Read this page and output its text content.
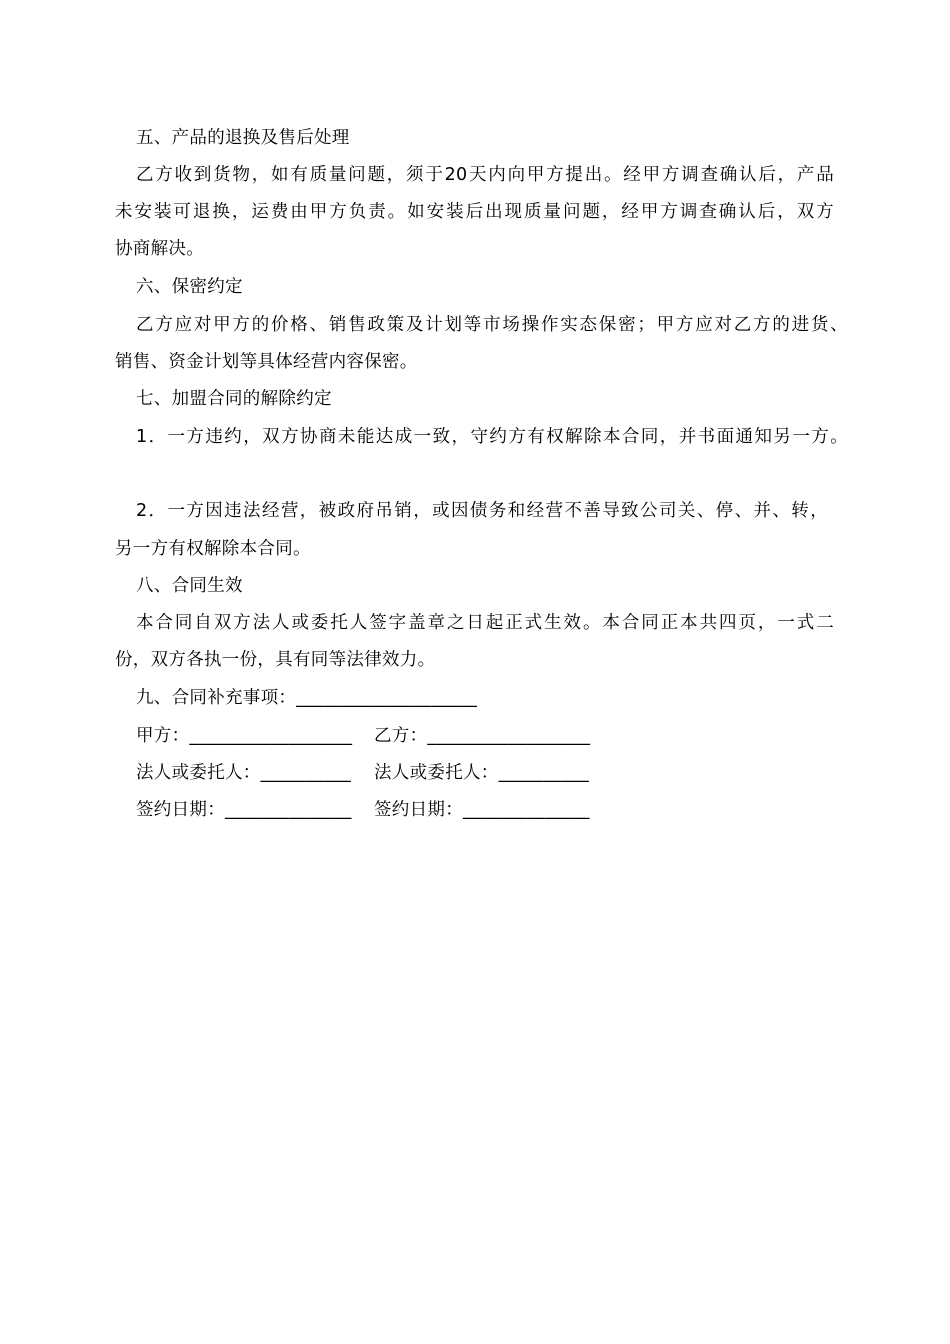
五、产品的退换及售后处理
乙方收到货物，如有质量问题，须于20天内向甲方提出。经甲方调查确认后，产品
未安装可退换，运费由甲方负责。如安装后出现质量问题，经甲方调查确认后，双方
协商解决。
六、保密约定
乙方应对甲方的价格、销售政策及计划等市场操作实态保密；甲方应对乙方的进货、
销售、资金计划等具体经营内容保密。
七、加盟合同的解除约定
1．一方违约，双方协商未能达成一致，守约方有权解除本合同，并书面通知另一方。
2．一方因违法经营，被政府吊销，或因债务和经营不善导致公司关、停、并、转，
另一方有权解除本合同。
八、合同生效
本合同自双方法人或委托人签字盖章之日起正式生效。本合同正本共四页，一式二
份，双方各执一份，具有同等法律效力。
九、合同补充事项：____________________
甲方：__________________	乙方：__________________
法人或委托人：__________	法人或委托人：__________
签约日期：______________	签约日期：______________
